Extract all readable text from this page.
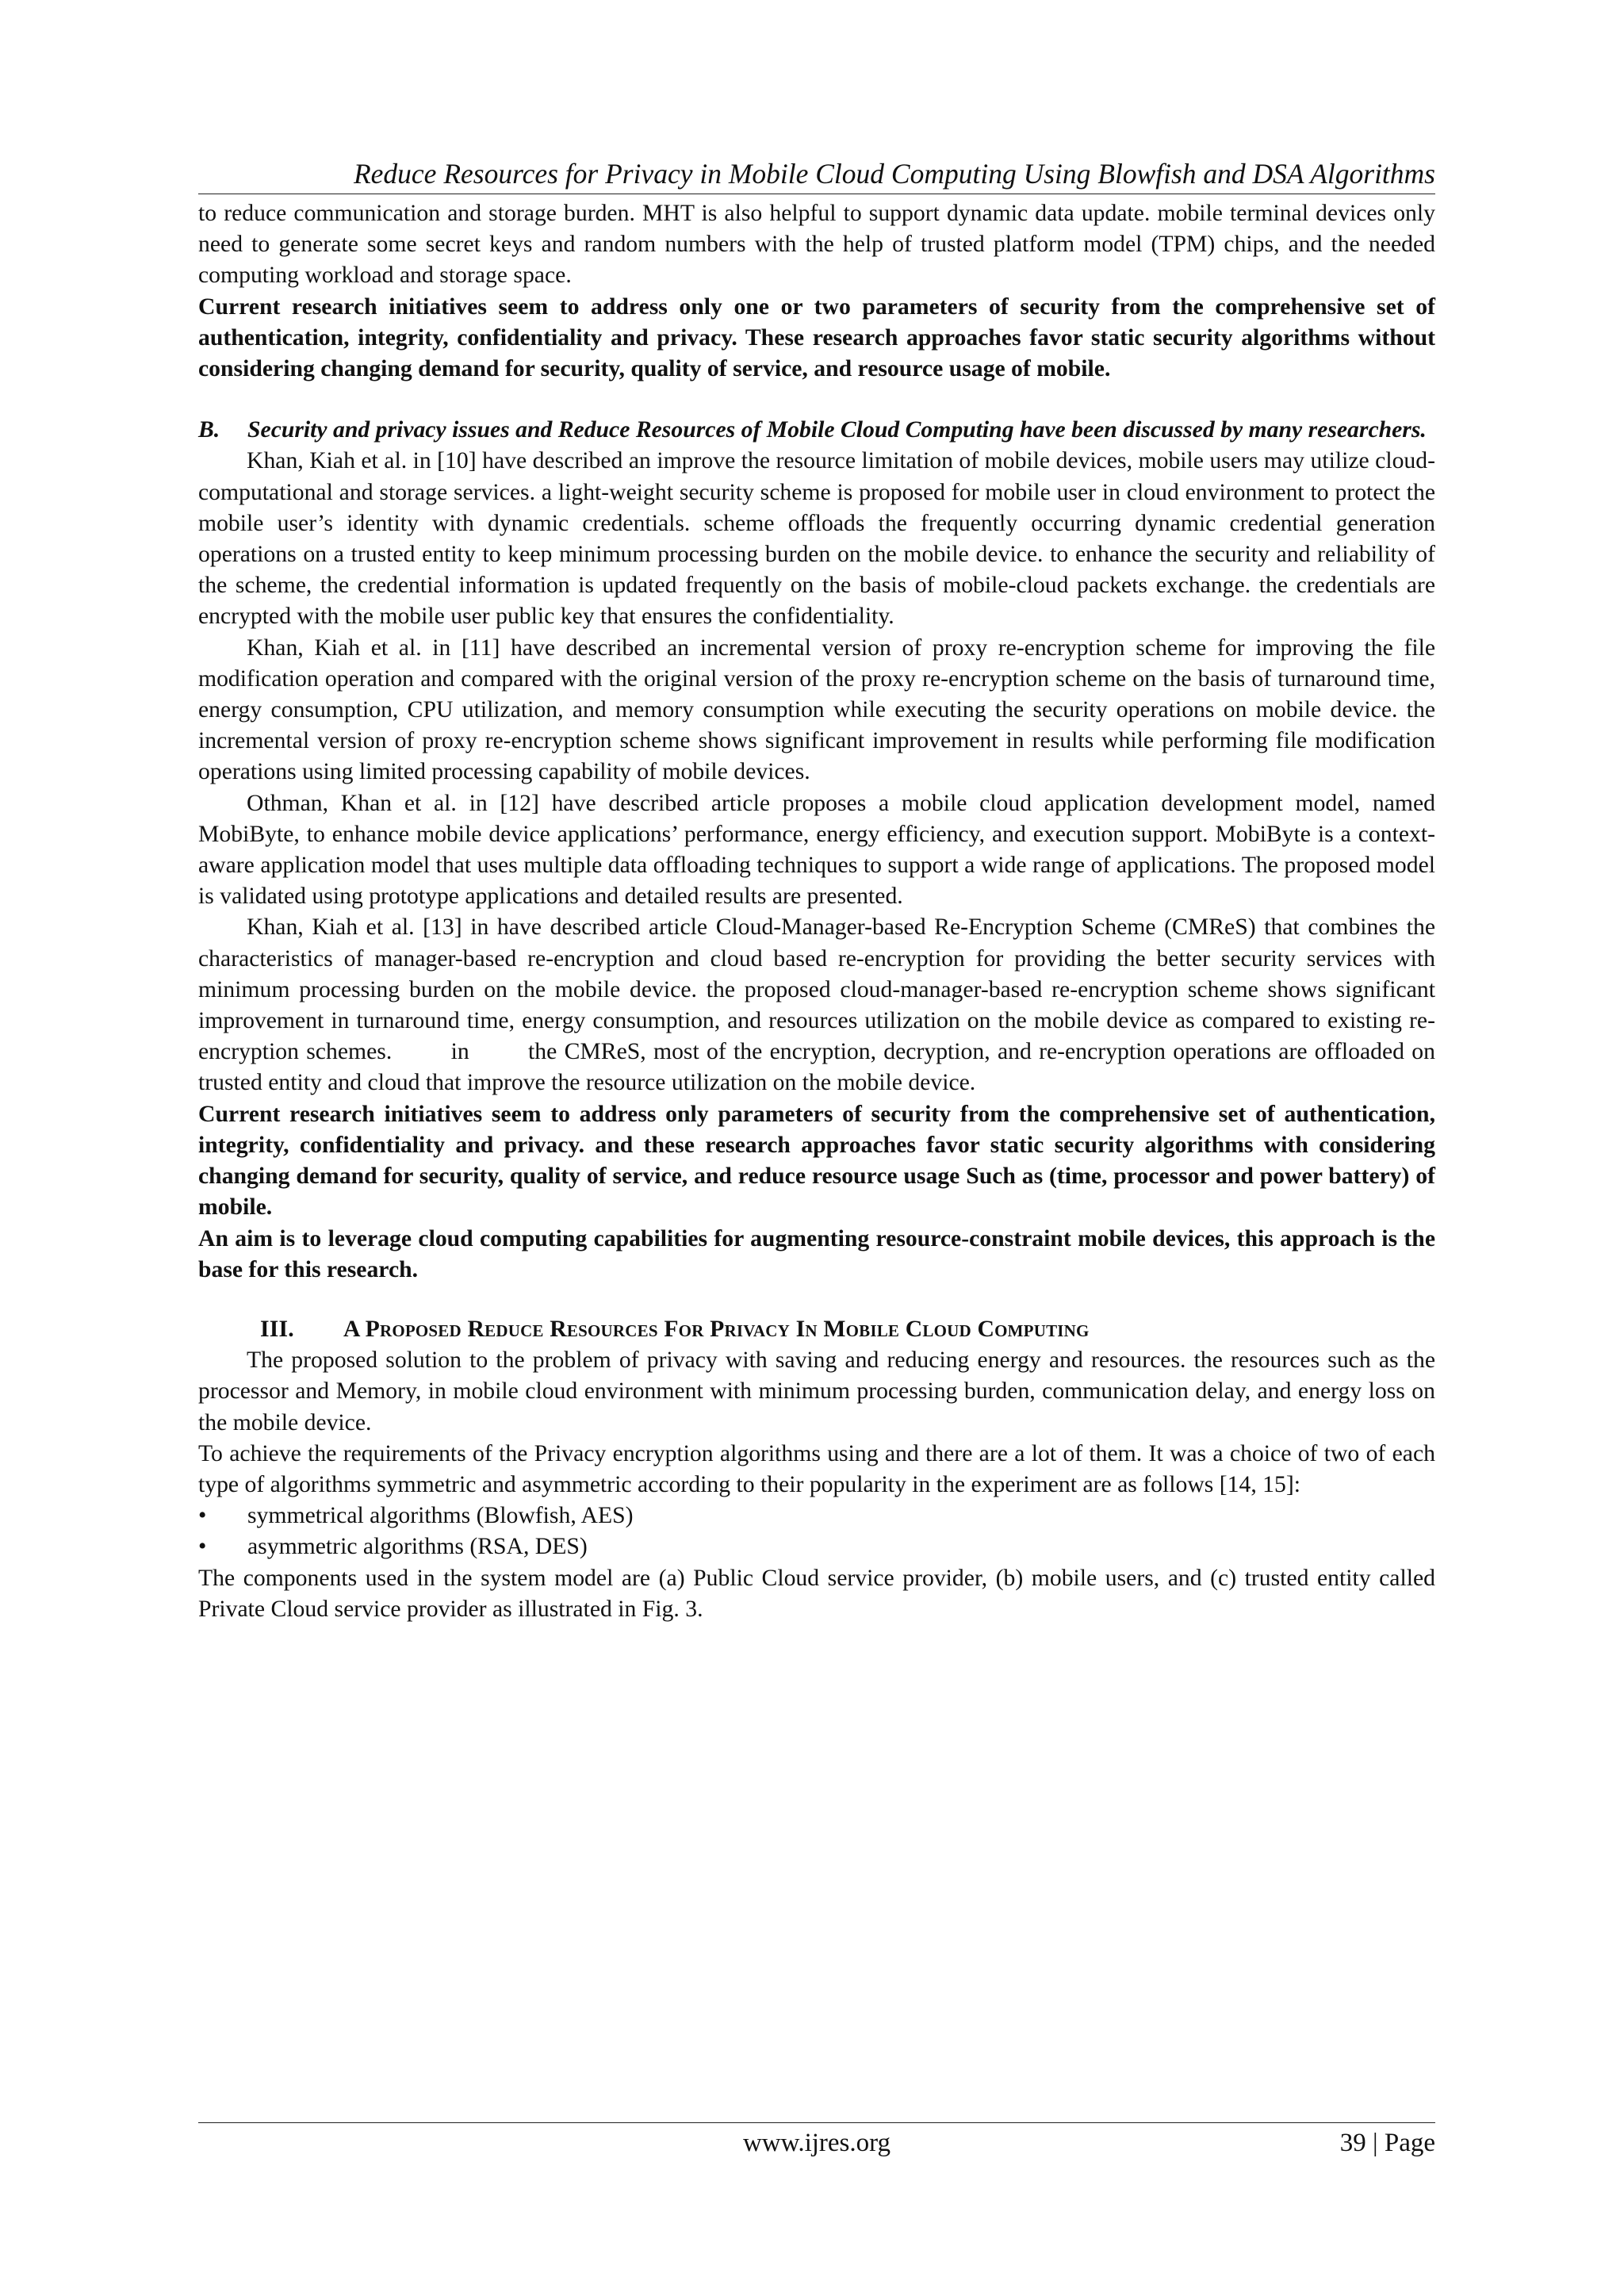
Reduce Resources for Privacy in Mobile Cloud Computing Using Blowfish and DSA Algorithms

to reduce communication and storage burden. MHT is also helpful to support dynamic data update. mobile terminal devices only need to generate some secret keys and random numbers with the help of trusted platform model (TPM) chips, and the needed computing workload and storage space.

Current research initiatives seem to address only one or two parameters of security from the comprehensive set of authentication, integrity, confidentiality and privacy. These research approaches favor static security algorithms without considering changing demand for security, quality of service, and resource usage of mobile.

B. Security and privacy issues and Reduce Resources of Mobile Cloud Computing have been discussed by many researchers.

Khan, Kiah et al. in [10] have described an improve the resource limitation of mobile devices, mobile users may utilize cloud-computational and storage services. a light-weight security scheme is proposed for mobile user in cloud environment to protect the mobile user’s identity with dynamic credentials. scheme offloads the frequently occurring dynamic credential generation operations on a trusted entity to keep minimum processing burden on the mobile device. to enhance the security and reliability of the scheme, the credential information is updated frequently on the basis of mobile-cloud packets exchange. the credentials are encrypted with the mobile user public key that ensures the confidentiality.

Khan, Kiah et al. in [11] have described an incremental version of proxy re-encryption scheme for improving the file modification operation and compared with the original version of the proxy re-encryption scheme on the basis of turnaround time, energy consumption, CPU utilization, and memory consumption while executing the security operations on mobile device. the incremental version of proxy re-encryption scheme shows significant improvement in results while performing file modification operations using limited processing capability of mobile devices.

Othman, Khan et al. in [12] have described article proposes a mobile cloud application development model, named MobiByte, to enhance mobile device applications’ performance, energy efficiency, and execution support. MobiByte is a context-aware application model that uses multiple data offloading techniques to support a wide range of applications. The proposed model is validated using prototype applications and detailed results are presented.

Khan, Kiah et al. [13] in have described article Cloud-Manager-based Re-Encryption Scheme (CMReS) that combines the characteristics of manager-based re-encryption and cloud based re-encryption for providing the better security services with minimum processing burden on the mobile device. the proposed cloud-manager-based re-encryption scheme shows significant improvement in turnaround time, energy consumption, and resources utilization on the mobile device as compared to existing re-encryption schemes.        in        the CMReS, most of the encryption, decryption, and re-encryption operations are offloaded on trusted entity and cloud that improve the resource utilization on the mobile device.

Current research initiatives seem to address only parameters of security from the comprehensive set of authentication, integrity, confidentiality and privacy. and these research approaches favor static security algorithms with considering changing demand for security, quality of service, and reduce resource usage Such as (time, processor and power battery) of mobile.

An aim is to leverage cloud computing capabilities for augmenting resource-constraint mobile devices, this approach is the base for this research.

III. A Proposed Reduce Resources For Privacy In Mobile Cloud Computing

The proposed solution to the problem of privacy with saving and reducing energy and resources. the resources such as the processor and Memory, in mobile cloud environment with minimum processing burden, communication delay, and energy loss on the mobile device.

To achieve the requirements of the Privacy encryption algorithms using and there are a lot of them. It was a choice of two of each type of algorithms symmetric and asymmetric according to their popularity in the experiment are as follows [14, 15]:

• symmetrical algorithms (Blowfish, AES)
• asymmetric algorithms (RSA, DES)

The components used in the system model are (a) Public Cloud service provider, (b) mobile users, and (c) trusted entity called Private Cloud service provider as illustrated in Fig. 3.

www.ijres.org	39 | Page
